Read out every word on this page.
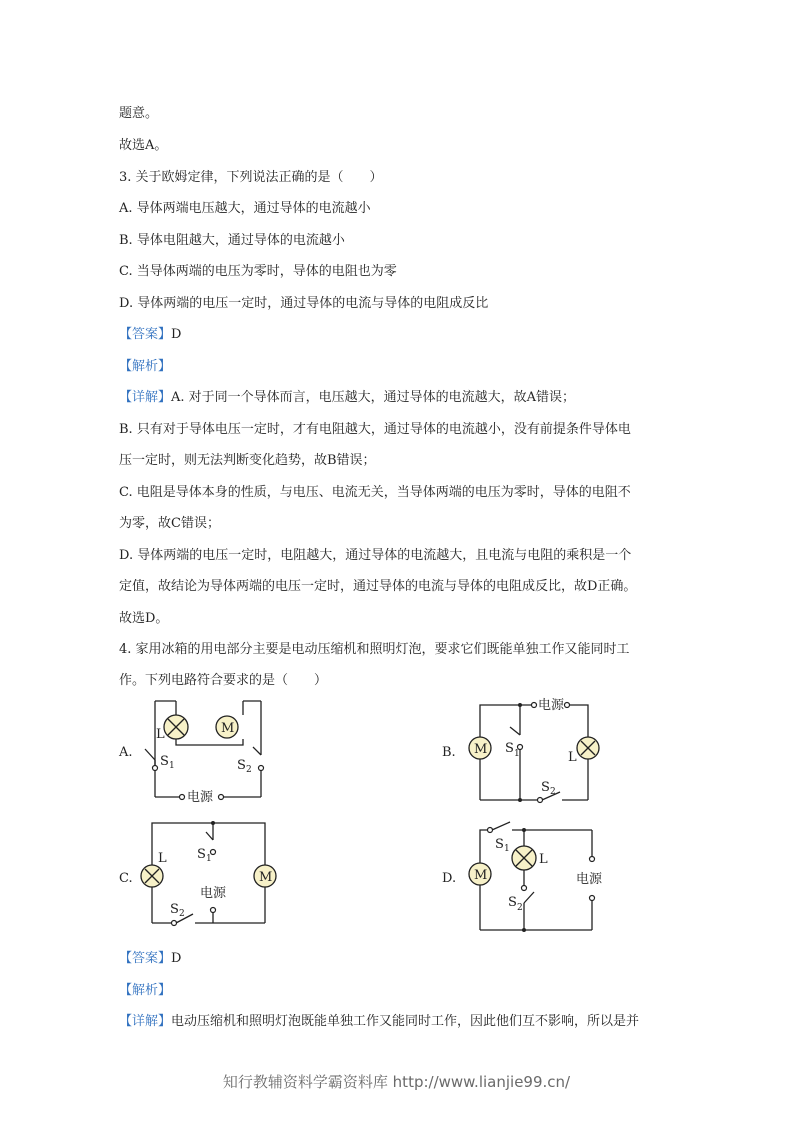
题意。
故选A。
3. 关于欧姆定律，下列说法正确的是（　　）
A. 导体两端电压越大，通过导体的电流越小
B. 导体电阻越大，通过导体的电流越小
C. 当导体两端的电压为零时，导体的电阻也为零
D. 导体两端的电压一定时，通过导体的电流与导体的电阻成反比
【答案】D
【解析】
【详解】A. 对于同一个导体而言，电压越大，通过导体的电流越大，故A错误；
B. 只有对于导体电压一定时，才有电阻越大，通过导体的电流越小，没有前提条件导体电
压一定时，则无法判断变化趋势，故B错误；
C. 电阻是导体本身的性质，与电压、电流无关，当导体两端的电压为零时，导体的电阻不
为零，故C错误；
D. 导体两端的电压一定时，电阻越大，通过导体的电流越大，且电流与电阻的乘积是一个
定值，故结论为导体两端的电压一定时，通过导体的电流与导体的电阻成反比，故D正确。
故选D。
4. 家用冰箱的用电部分主要是电动压缩机和照明灯泡，要求它们既能单独工作又能同时工
作。下列电路符合要求的是（　　）
A.	B.
C.	D.
M
L
S 1	S 2
电源
电源
S 1
M
L
S 2
S 1
L
M
电源
S 2
S 1
L
S 2
M	电源
【答案】D
【解析】
【详解】电动压缩机和照明灯泡既能单独工作又能同时工作，因此他们互不影响，所以是并
知行教辅资料学霸资料库 http://www.lianjie99.cn/
